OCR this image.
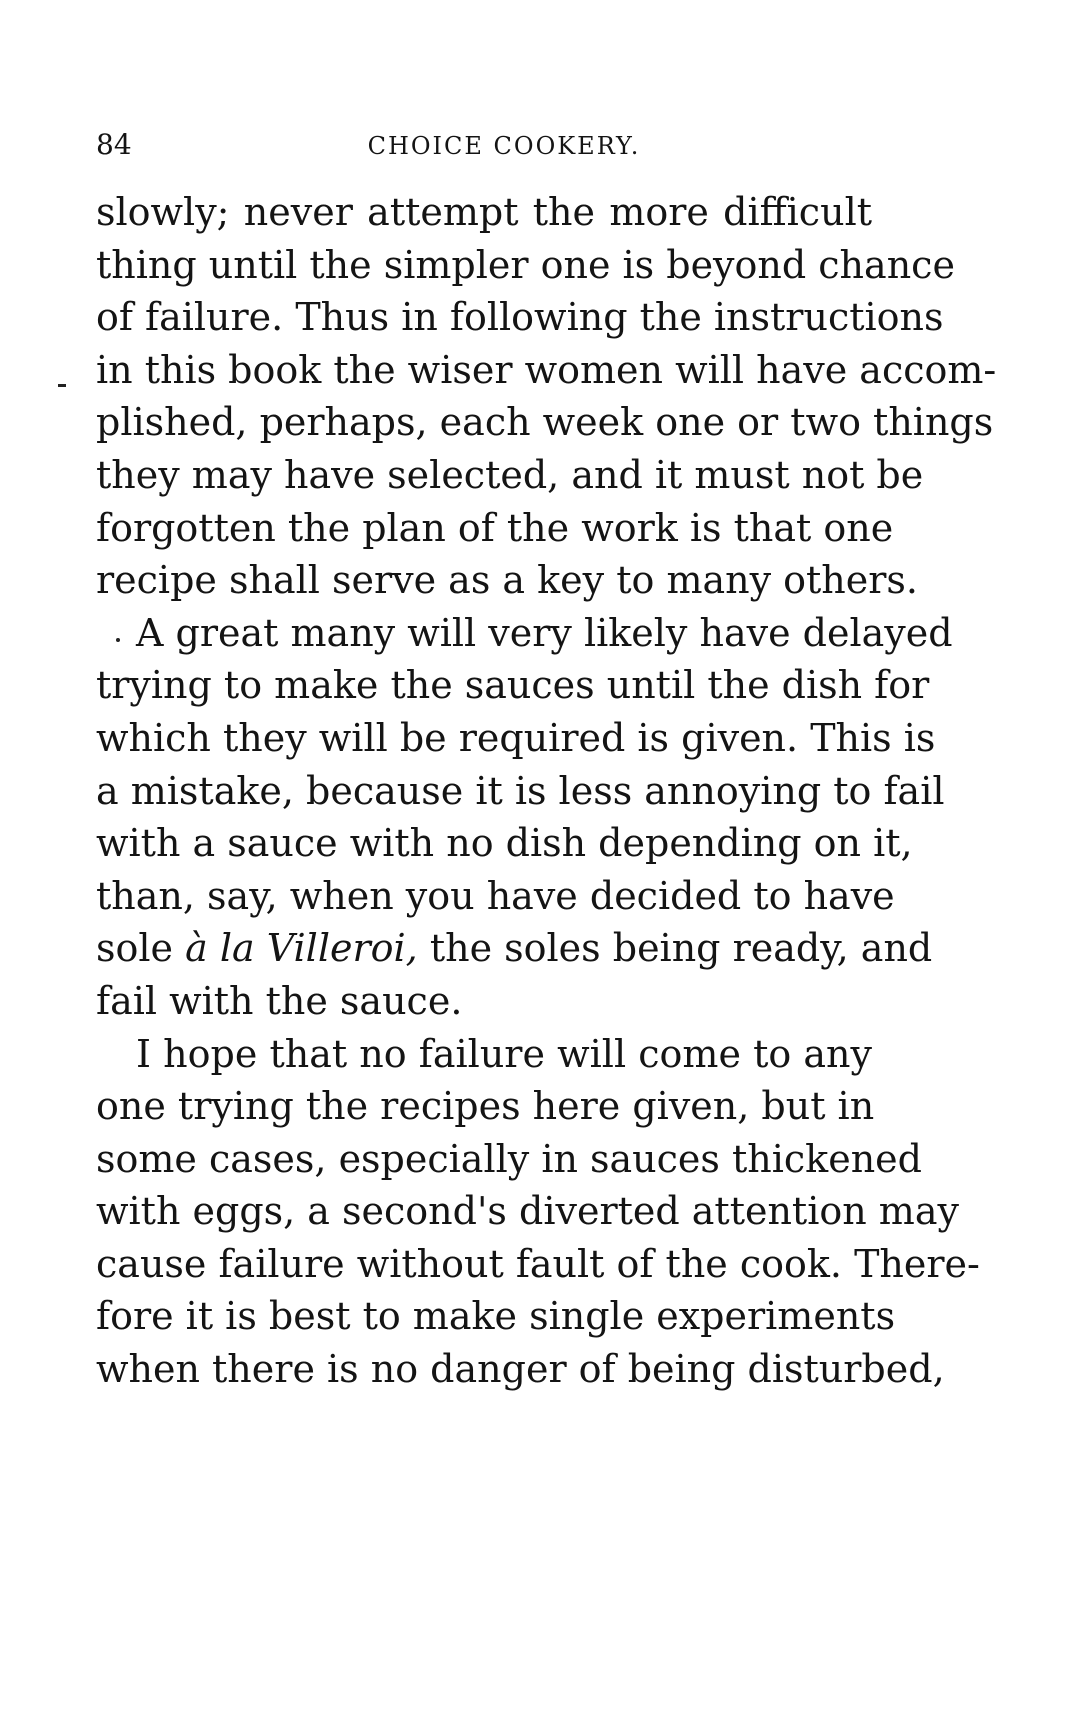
84	CHOICE COOKERY.
slowly; never attempt the more difficult
thing until the simpler one is beyond chance
of failure. Thus in following the instructions
in this book the wiser women will have accom-
plished, perhaps, each week one or two things
they may have selected, and it must not be
forgotten the plan of the work is that one
recipe shall serve as a key to many others.
A great many will very likely have delayed
trying to make the sauces until the dish for
which they will be required is given. This is
a mistake, because it is less annoying to fail
with a sauce with no dish depending on it,
than, say, when you have decided to have
sole à la Villeroi, the soles being ready, and
fail with the sauce.
I hope that no failure will come to any
one trying the recipes here given, but in
some cases, especially in sauces thickened
with eggs, a second's diverted attention may
cause failure without fault of the cook. There-
fore it is best to make single experiments
when there is no danger of being disturbed,
